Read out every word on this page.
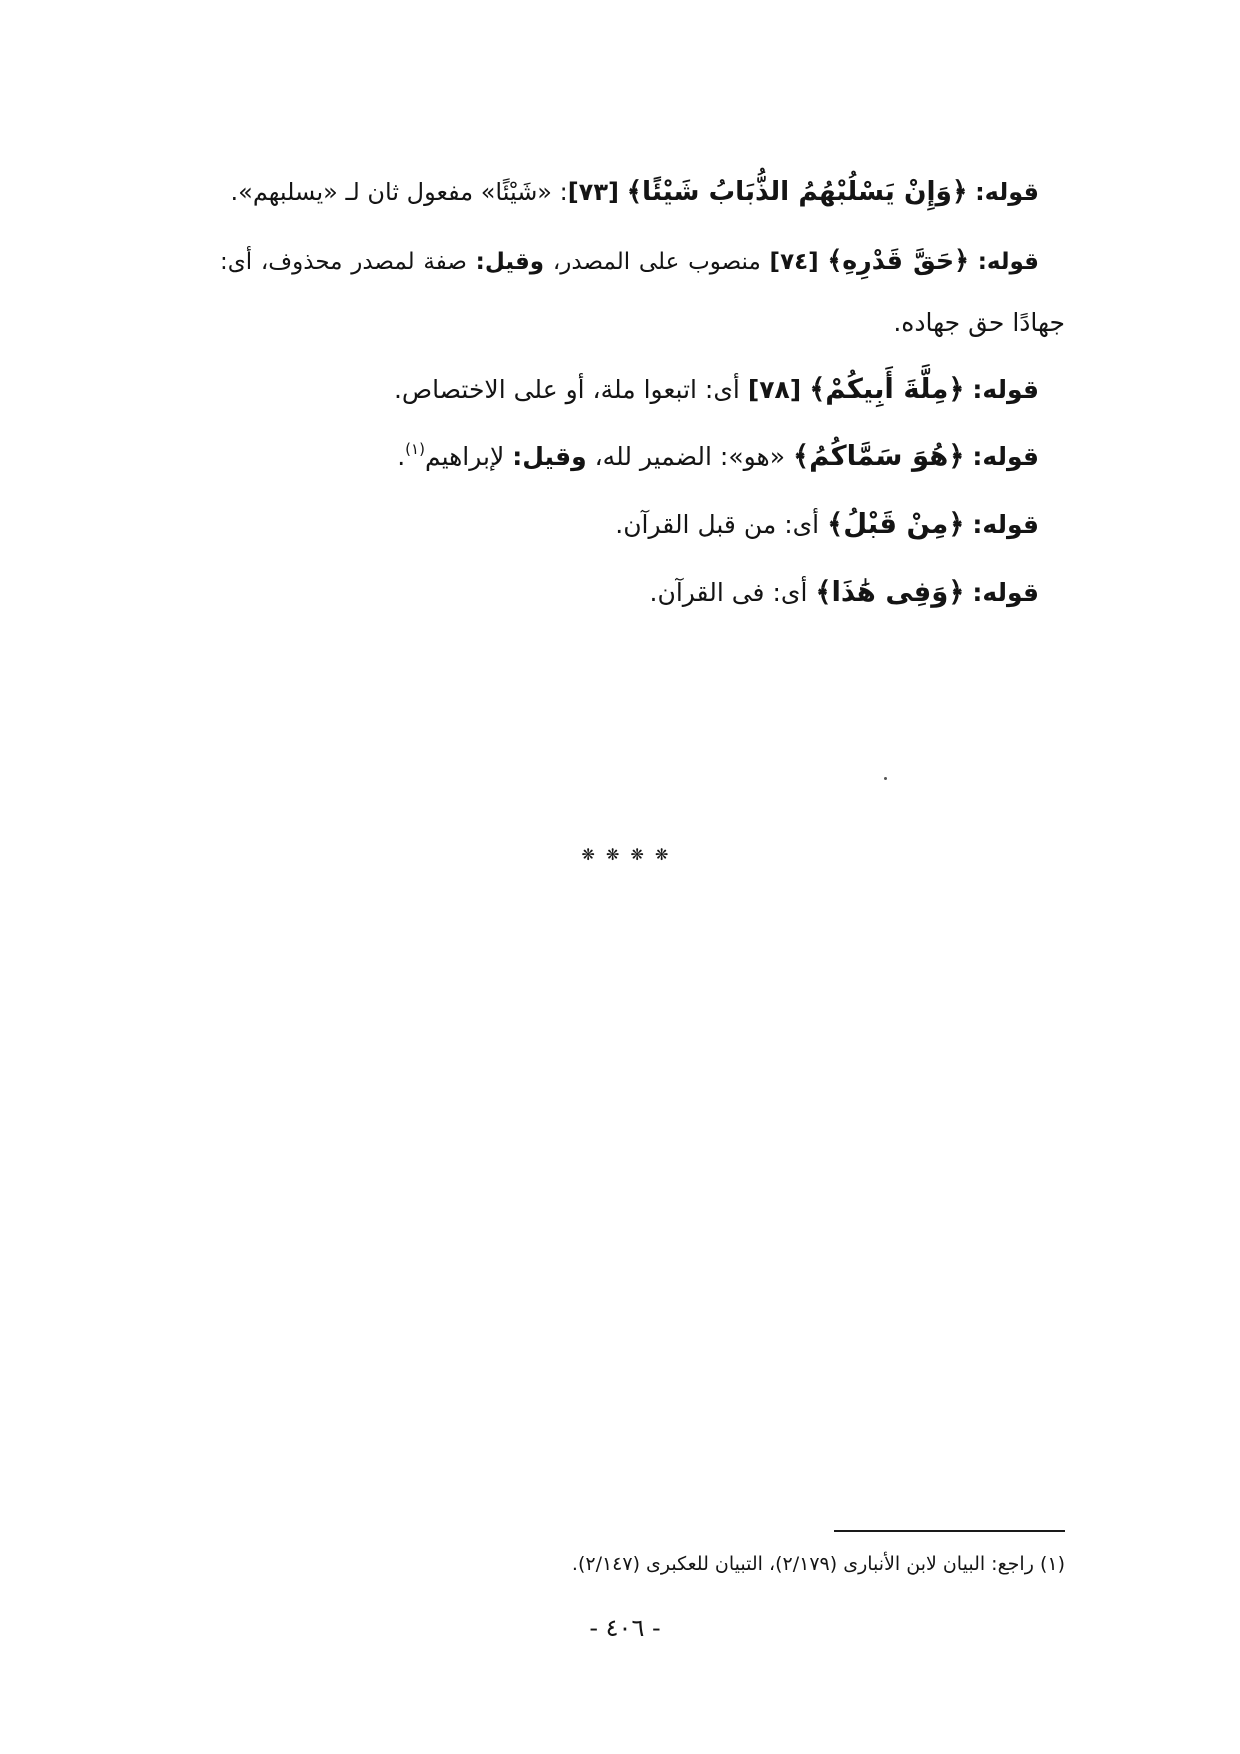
قوله: ﴿وَإِنْ يَسْلُبْهُمُ الذُّبَابُ شَيْئًا﴾ [٧٣]: «شَيْئًا» مفعول ثان لـ «يسلبهم».
قوله: ﴿حَقَّ قَدْرِهِ﴾ [٧٤] منصوب على المصدر، وقيل: صفة لمصدر محذوف، أى:
جهادًا حق جهاده.
قوله: ﴿مِلَّةَ أَبِيكُمْ﴾ [٧٨] أى: اتبعوا ملة، أو على الاختصاص.
قوله: ﴿هُوَ سَمَّاكُمُ﴾ «هو»: الضمير لله، وقيل: لإبراهيم$^{(١)}$.
قوله: ﴿مِنْ قَبْلُ﴾ أى: من قبل القرآن.
قوله: ﴿وَفِى هَٰذَا﴾ أى: فى القرآن.
❋ ❋ ❋ ❋
(١) راجع: البيان لابن الأنبارى (٢/١٧٩)، التبيان للعكبرى (٢/١٤٧).
- ٤٠٦ -
